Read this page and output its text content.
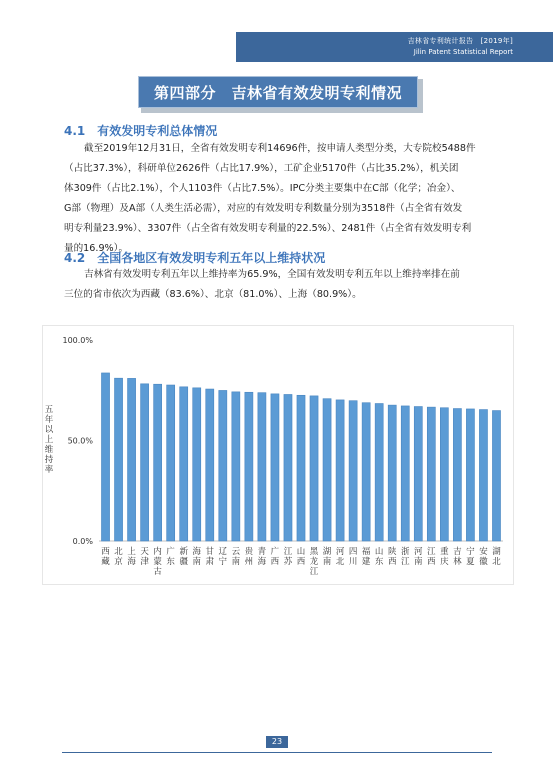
吉林省专利统计报告　[2019年]
Jilin Patent Statistical Report
第四部分　吉林省有效发明专利情况
4.1　有效发明专利总体情况
截至2019年12月31日，全省有效发明专利14696件，按申请人类型分类，大专院校5488件
（占比37.3%），科研单位2626件（占比17.9%），工矿企业5170件（占比35.2%），机关团
体309件（占比2.1%），个人1103件（占比7.5%）。IPC分类主要集中在C部（化学；冶金）、
G部（物理）及A部（人类生活必需），对应的有效发明专利数量分别为3518件（占全省有效发
明专利量23.9%）、3307件（占全省有效发明专利量的22.5%）、2481件（占全省有效发明专利
量的16.9%）。
4.2　全国各地区有效发明专利五年以上维持状况
吉林省有效发明专利五年以上维持率为65.9%，全国有效发明专利五年以上维持率排在前
三位的省市依次为西藏（83.6%）、北京（81.0%）、上海（80.9%）。
0.0%
50.0%
100.0%
西藏
北京
上海
天津
内蒙古
广东
新疆
海南
甘肃
辽宁
云南
贵州
青海
广西
江苏
山西
黑龙江
湖南
河北
四川
福建
山东
陕西
浙江
河南
江西
重庆
吉林
宁夏
安徽
湖北
五
年
以
上
维
持
率
23
